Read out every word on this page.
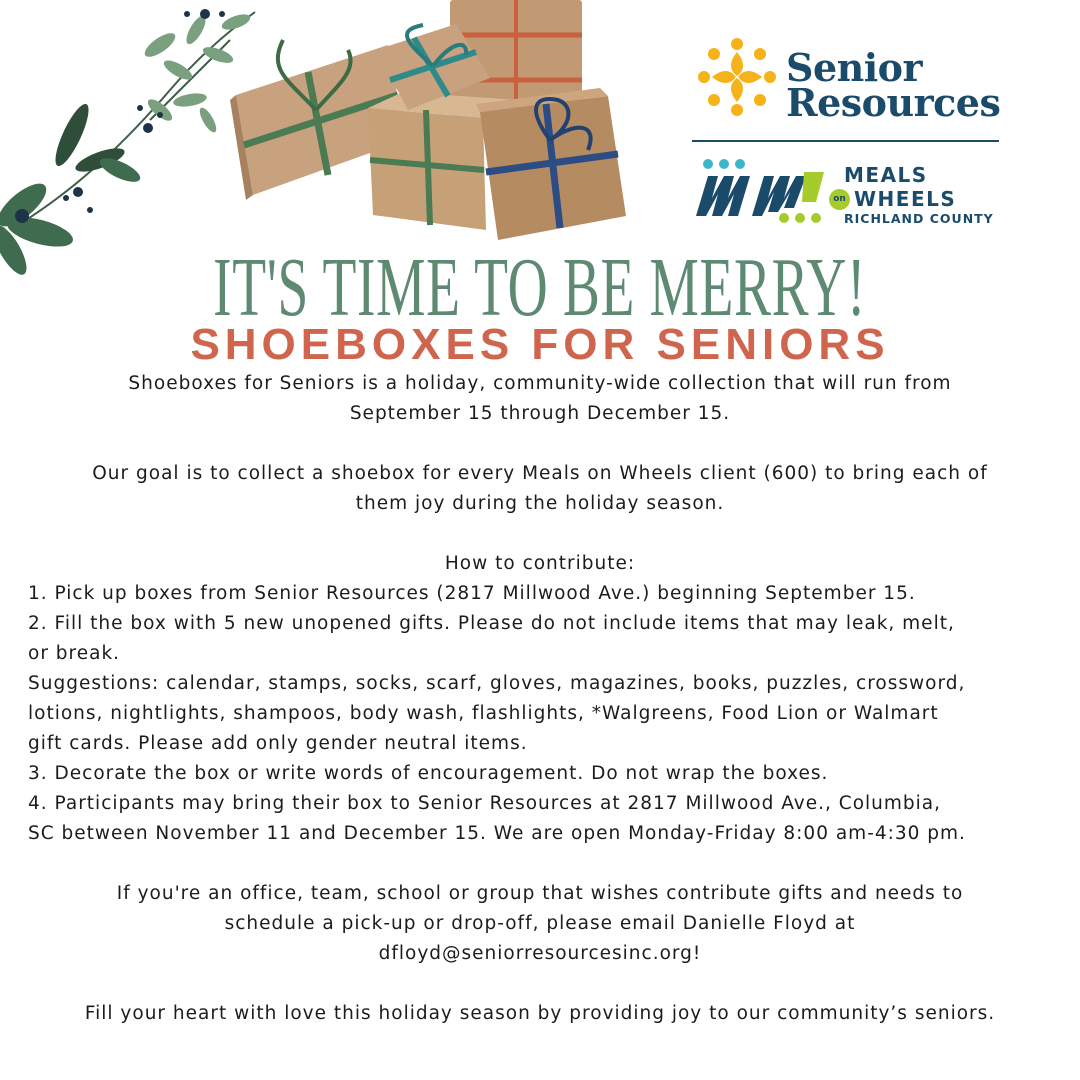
Senior
Resources
MEALS
on WHEELS
RICHLAND COUNTY
IT'S TIME TO BE MERRY!
SHOEBOXES FOR SENIORS
Shoeboxes for Seniors is a holiday, community-wide collection that will run from
September 15 through December 15.
Our goal is to collect a shoebox for every Meals on Wheels client (600) to bring each of
them joy during the holiday season.
How to contribute:
1. Pick up boxes from Senior Resources (2817 Millwood Ave.) beginning September 15.
2. Fill the box with 5 new unopened gifts. Please do not include items that may leak, melt,
or break.
Suggestions: calendar, stamps, socks, scarf, gloves, magazines, books, puzzles, crossword,
lotions, nightlights, shampoos, body wash, flashlights, *Walgreens, Food Lion or Walmart
gift cards. Please add only gender neutral items.
3. Decorate the box or write words of encouragement. Do not wrap the boxes.
4. Participants may bring their box to Senior Resources at 2817 Millwood Ave., Columbia,
SC between November 11 and December 15. We are open Monday-Friday 8:00 am-4:30 pm.
If you're an office, team, school or group that wishes contribute gifts and needs to
schedule a pick-up or drop-off, please email Danielle Floyd at
dfloyd@seniorresourcesinc.org!
Fill your heart with love this holiday season by providing joy to our community’s seniors.
